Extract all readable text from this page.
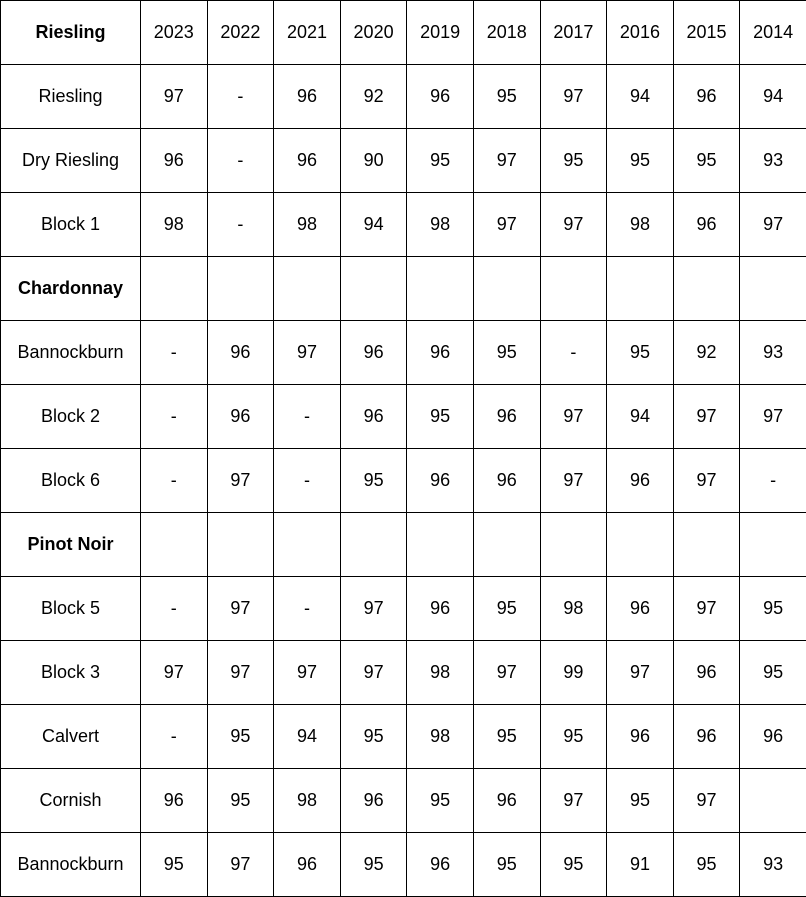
Riesling	2023	2022	2021	2020	2019	2018	2017	2016	2015	2014
Riesling	97	-	96	92	96	95	97	94	96	94
Dry Riesling	96	-	96	90	95	97	95	95	95	93
Block 1	98	-	98	94	98	97	97	98	96	97
Chardonnay										
Bannockburn	-	96	97	96	96	95	-	95	92	93
Block 2	-	96	-	96	95	96	97	94	97	97
Block 6	-	97	-	95	96	96	97	96	97	-
Pinot Noir										
Block 5	-	97	-	97	96	95	98	96	97	95
Block 3	97	97	97	97	98	97	99	97	96	95
Calvert	-	95	94	95	98	95	95	96	96	96
Cornish	96	95	98	96	95	96	97	95	97	
Bannockburn	95	97	96	95	96	95	95	91	95	93
